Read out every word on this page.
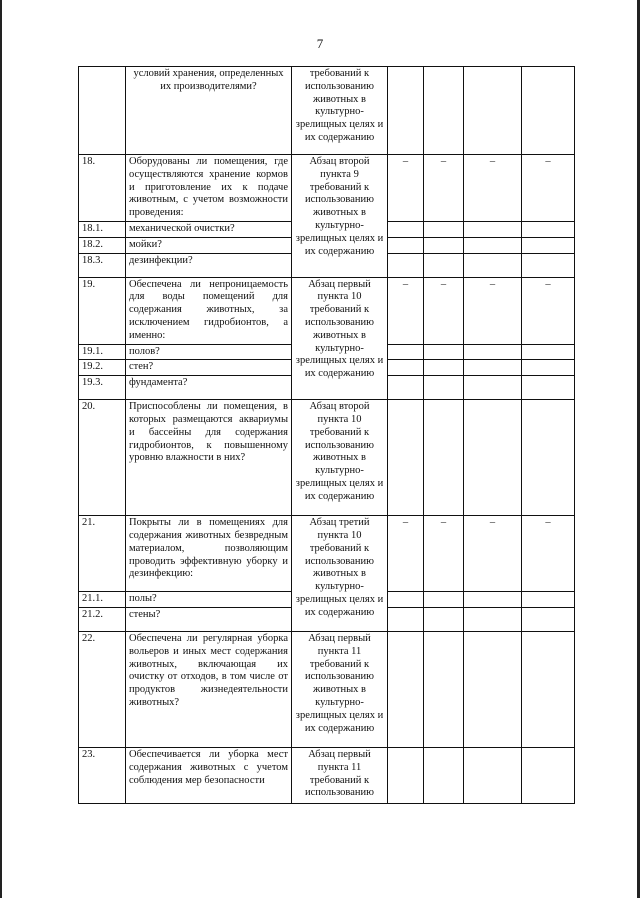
7
	условий хранения, определенных их производителями?	требований к использованию животных в культурно-зрелищных целях и их содержанию				
18.	Оборудованы ли помещения, где осуществляются хранение кормов и приготовление их к подаче животным, с учетом возможности проведения:	Абзац второй пункта 9 требований к использованию животных в культурно-зрелищных целях и их содержанию	–	–	–	–
18.1.	механической очистки?					
18.2.	мойки?					
18.3.	дезинфекции?					
19.	Обеспечена ли непроницаемость для воды помещений для содержания животных, за исключением гидробионтов, а именно:	Абзац первый пункта 10 требований к использованию животных в культурно-зрелищных целях и их содержанию	–	–	–	–
19.1.	полов?					
19.2.	стен?					
19.3.	фундамента?					
20.	Приспособлены ли помещения, в которых размещаются аквариумы и бассейны для содержания гидробионтов, к повышенному уровню влажности в них?	Абзац второй пункта 10 требований к использованию животных в культурно-зрелищных целях и их содержанию				
21.	Покрыты ли в помещениях для содержания животных безвредным материалом, позволяющим проводить эффективную уборку и дезинфекцию:	Абзац третий пункта 10 требований к использованию животных в культурно-зрелищных целях и их содержанию	–	–	–	–
21.1.	полы?					
21.2.	стены?					
22.	Обеспечена ли регулярная уборка вольеров и иных мест содержания животных, включающая их очистку от отходов, в том числе от продуктов жизнедеятельности животных?	Абзац первый пункта 11 требований к использованию животных в культурно-зрелищных целях и их содержанию				
23.	Обеспечивается ли уборка мест содержания животных с учетом соблюдения мер безопасности	Абзац первый пункта 11 требований к использованию				
